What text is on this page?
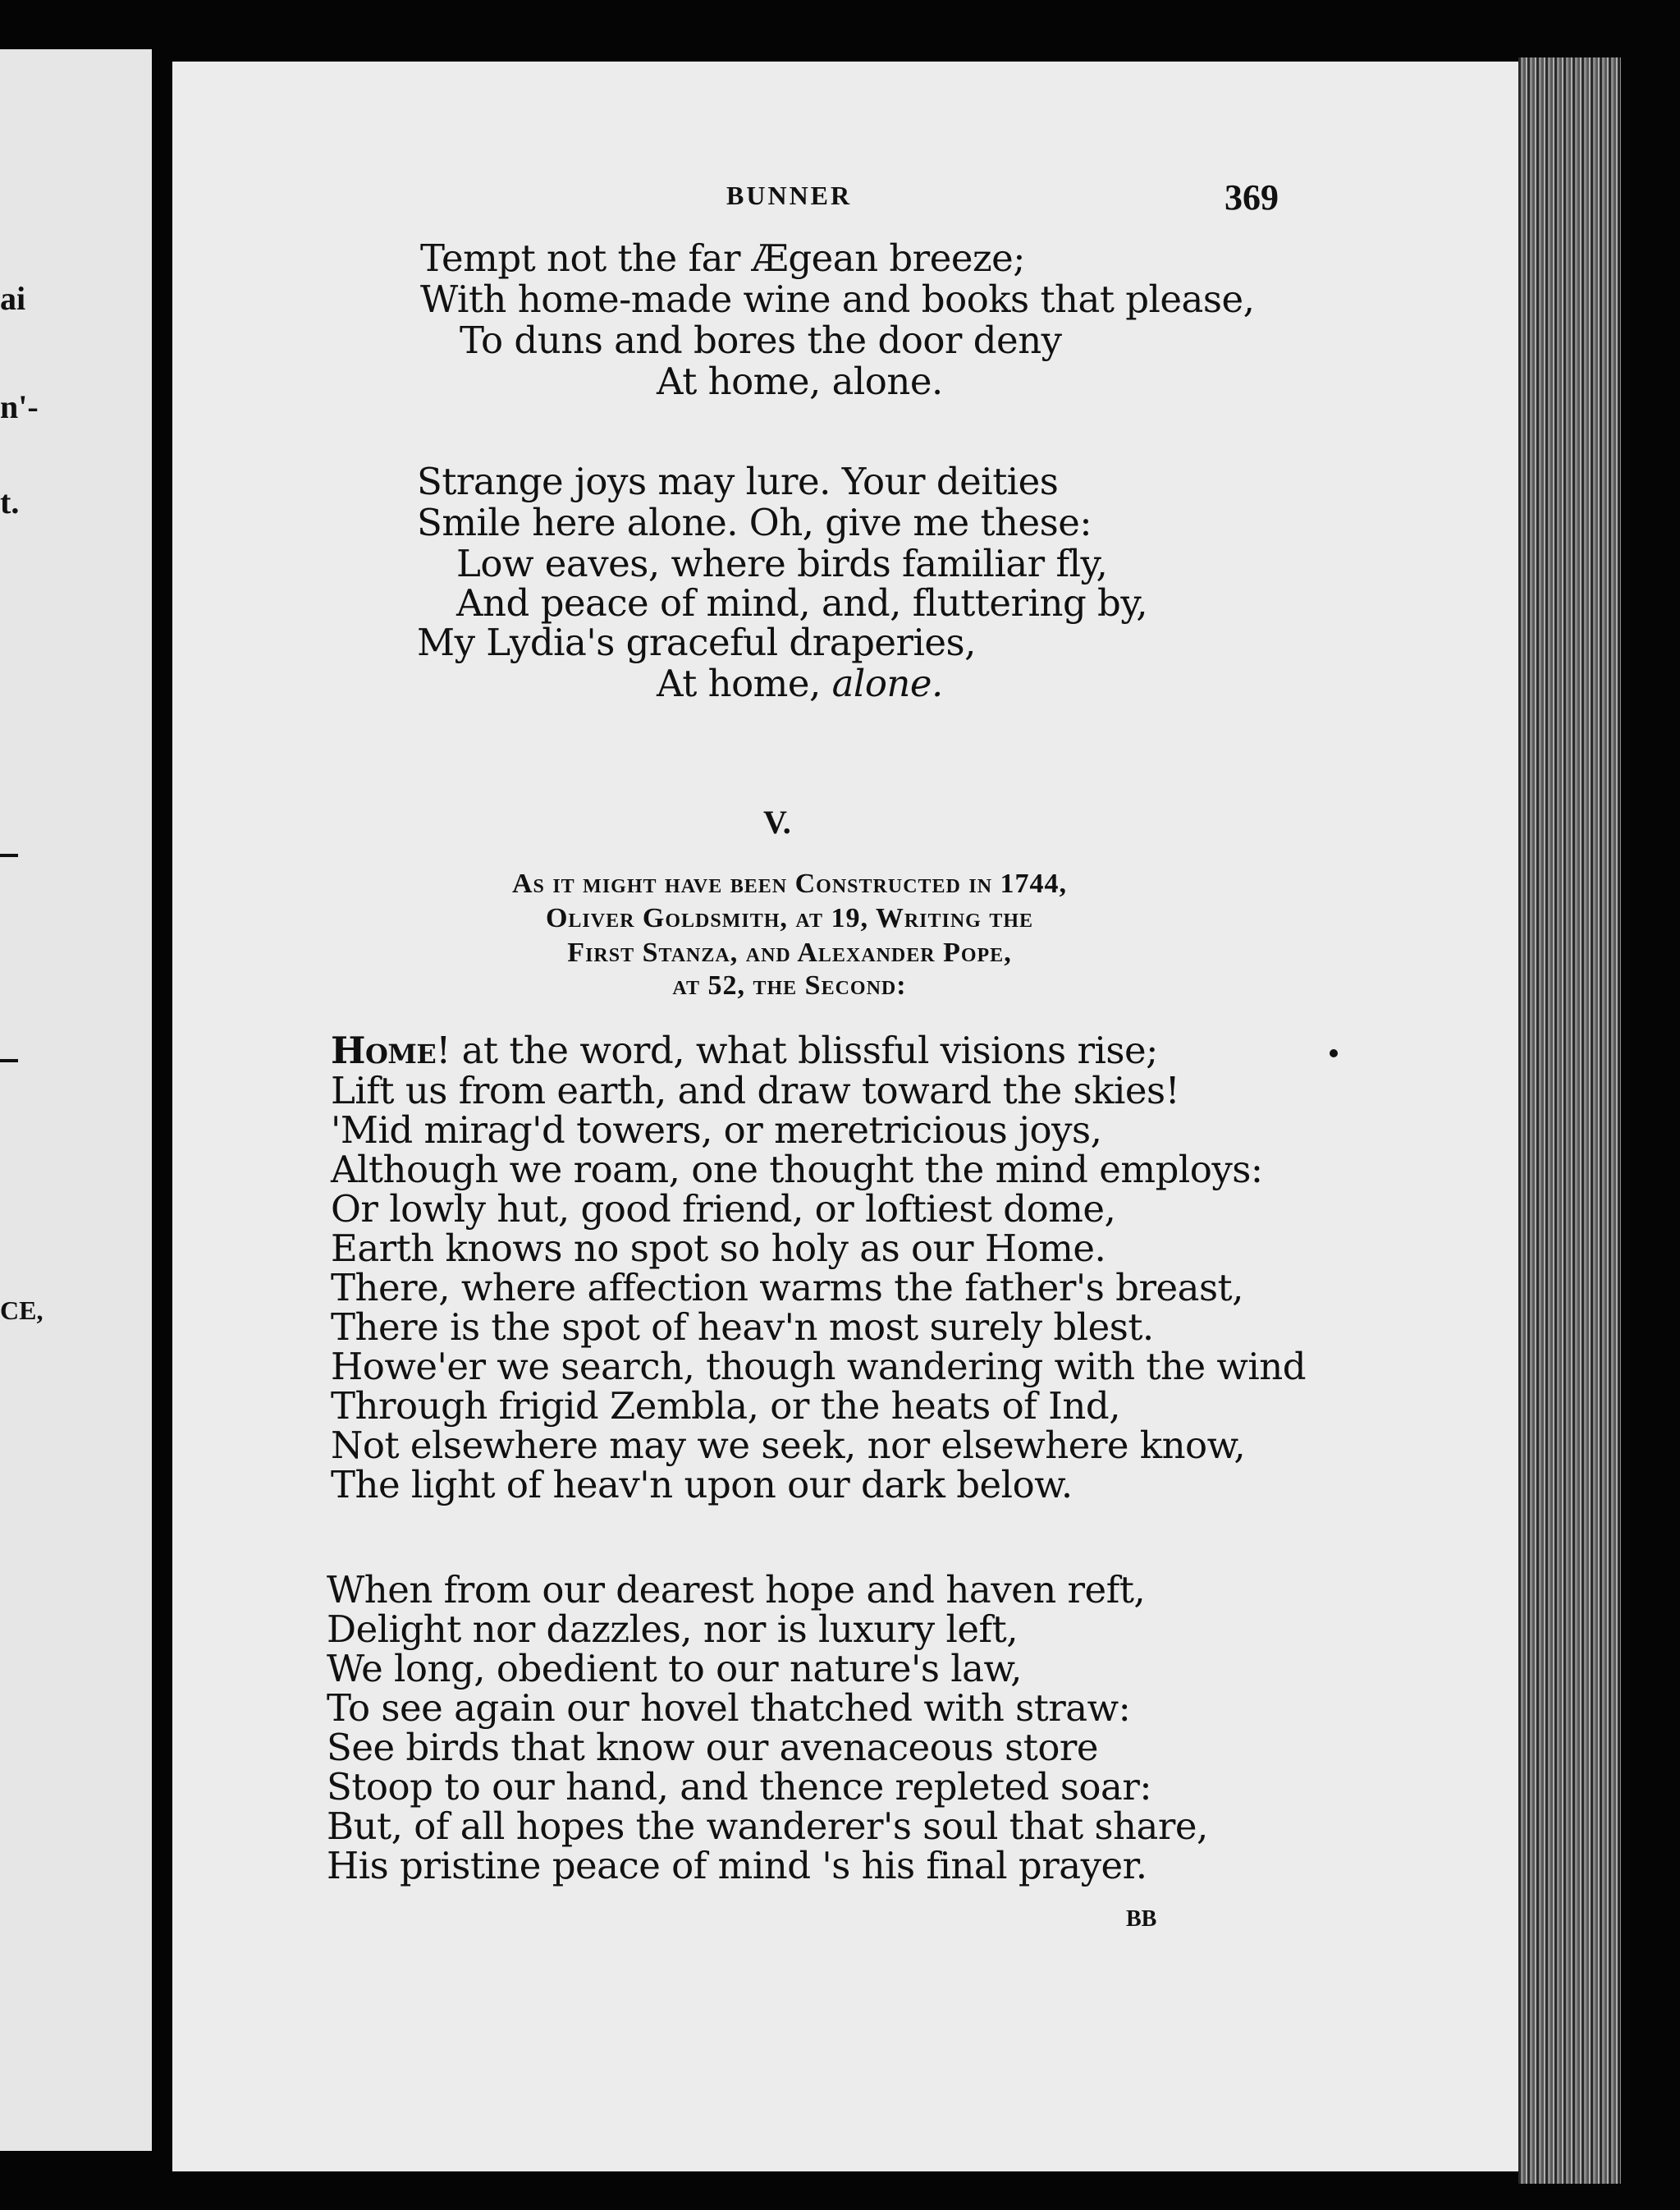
ai
n'-
t.
CE,
BUNNER	369
Tempt not the far Ægean breeze;
With home-made wine and books that please,
To duns and bores the door deny
At home, alone.
Strange joys may lure. Your deities
Smile here alone. Oh, give me these:
Low eaves, where birds familiar fly,
And peace of mind, and, fluttering by,
My Lydia's graceful draperies,
At home, alone.
V.
As it might have been Constructed in 1744,
Oliver Goldsmith, at 19, Writing the
First Stanza, and Alexander Pope,
at 52, the Second:
Home! at the word, what blissful visions rise;
Lift us from earth, and draw toward the skies!
'Mid mirag'd towers, or meretricious joys,
Although we roam, one thought the mind employs:
Or lowly hut, good friend, or loftiest dome,
Earth knows no spot so holy as our Home.
There, where affection warms the father's breast,
There is the spot of heav'n most surely blest.
Howe'er we search, though wandering with the wind
Through frigid Zembla, or the heats of Ind,
Not elsewhere may we seek, nor elsewhere know,
The light of heav'n upon our dark below.
When from our dearest hope and haven reft,
Delight nor dazzles, nor is luxury left,
We long, obedient to our nature's law,
To see again our hovel thatched with straw:
See birds that know our avenaceous store
Stoop to our hand, and thence repleted soar:
But, of all hopes the wanderer's soul that share,
His pristine peace of mind 's his final prayer.
BB
